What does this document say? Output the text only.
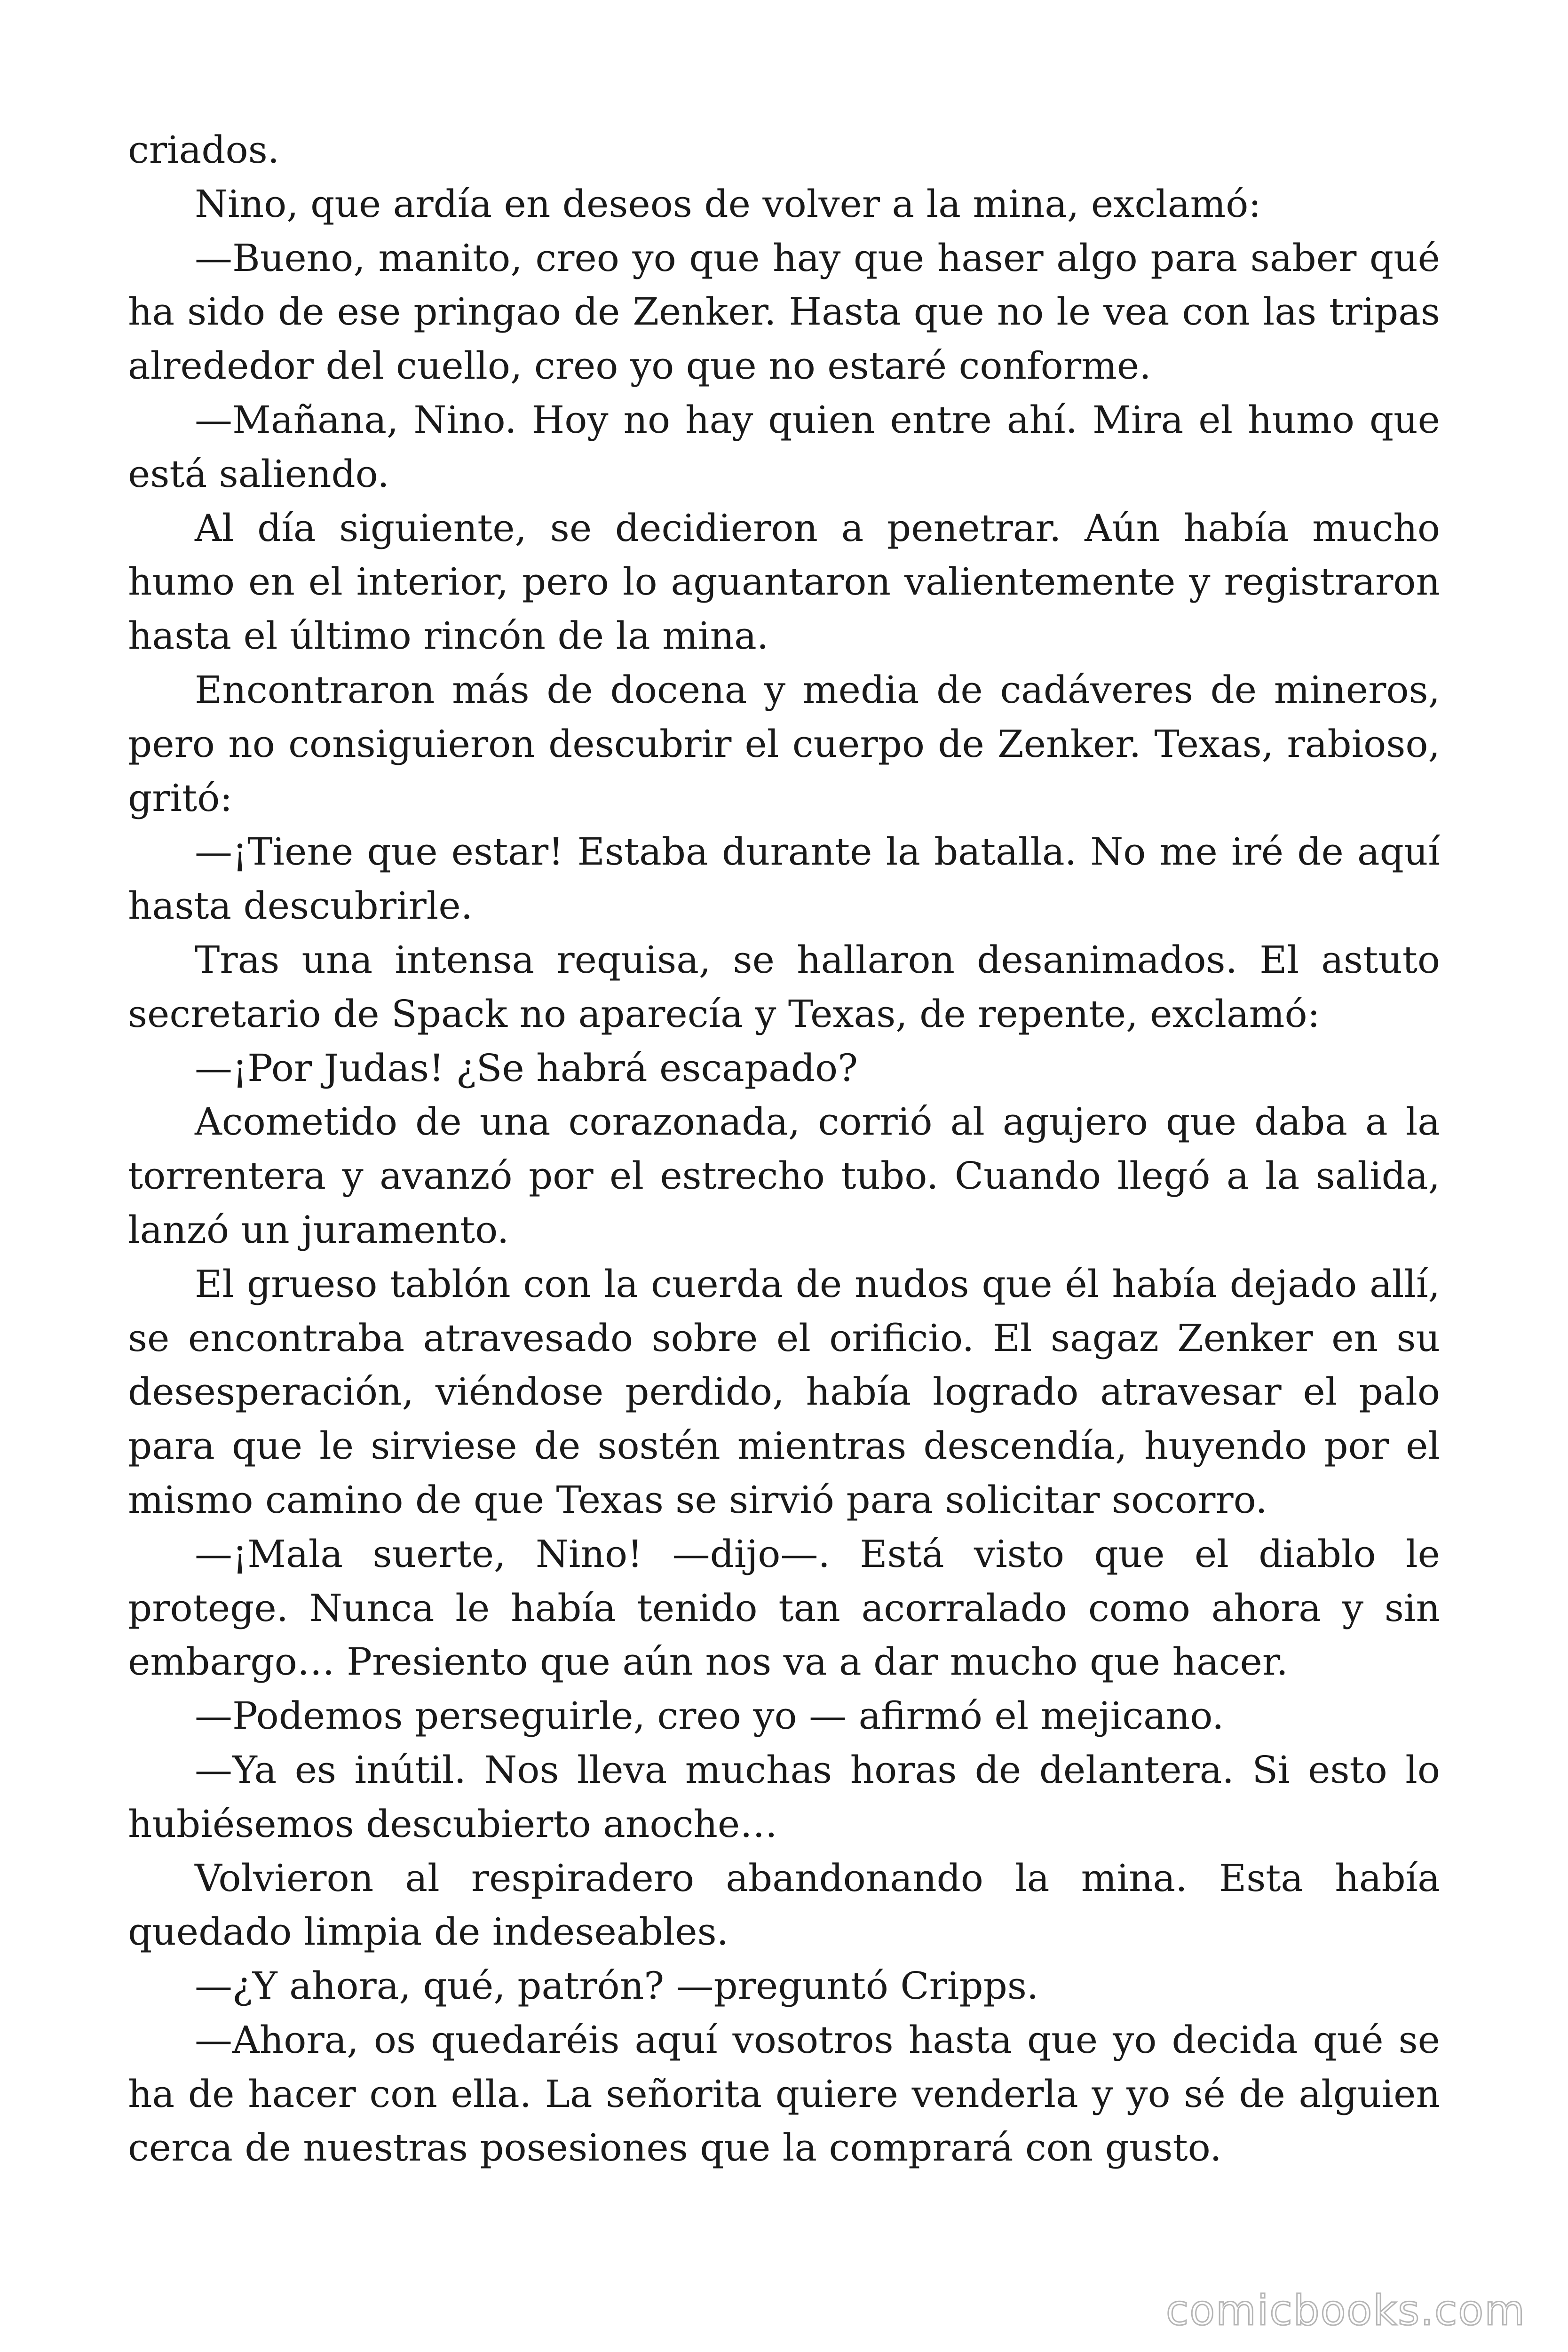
criados.

Nino, que ardía en deseos de volver a la mina, exclamó:

—Bueno, manito, creo yo que hay que haser algo para saber qué ha sido de ese pringao de Zenker. Hasta que no le vea con las tripas alrededor del cuello, creo yo que no estaré conforme.

—Mañana, Nino. Hoy no hay quien entre ahí. Mira el humo que está saliendo.

Al día siguiente, se decidieron a penetrar. Aún había mucho humo en el interior, pero lo aguantaron valientemente y registraron hasta el último rincón de la mina.

Encontraron más de docena y media de cadáveres de mineros, pero no consiguieron descubrir el cuerpo de Zenker. Texas, rabioso, gritó:

—¡Tiene que estar! Estaba durante la batalla. No me iré de aquí hasta descubrirle.

Tras una intensa requisa, se hallaron desanimados. El astuto secretario de Spack no aparecía y Texas, de repente, exclamó:

—¡Por Judas! ¿Se habrá escapado?

Acometido de una corazonada, corrió al agujero que daba a la torrentera y avanzó por el estrecho tubo. Cuando llegó a la salida, lanzó un juramento.

El grueso tablón con la cuerda de nudos que él había dejado allí, se encontraba atravesado sobre el orificio. El sagaz Zenker en su desesperación, viéndose perdido, había logrado atravesar el palo para que le sirviese de sostén mientras descendía, huyendo por el mismo camino de que Texas se sirvió para solicitar socorro.

—¡Mala suerte, Nino! —dijo—. Está visto que el diablo le protege. Nunca le había tenido tan acorralado como ahora y sin embargo… Presiento que aún nos va a dar mucho que hacer.

—Podemos perseguirle, creo yo — afirmó el mejicano.

—Ya es inútil. Nos lleva muchas horas de delantera. Si esto lo hubiésemos descubierto anoche…

Volvieron al respiradero abandonando la mina. Esta había quedado limpia de indeseables.

—¿Y ahora, qué, patrón? —preguntó Cripps.

—Ahora, os quedaréis aquí vosotros hasta que yo decida qué se ha de hacer con ella. La señorita quiere venderla y yo sé de alguien cerca de nuestras posesiones que la comprará con gusto.

comicbooks.com
